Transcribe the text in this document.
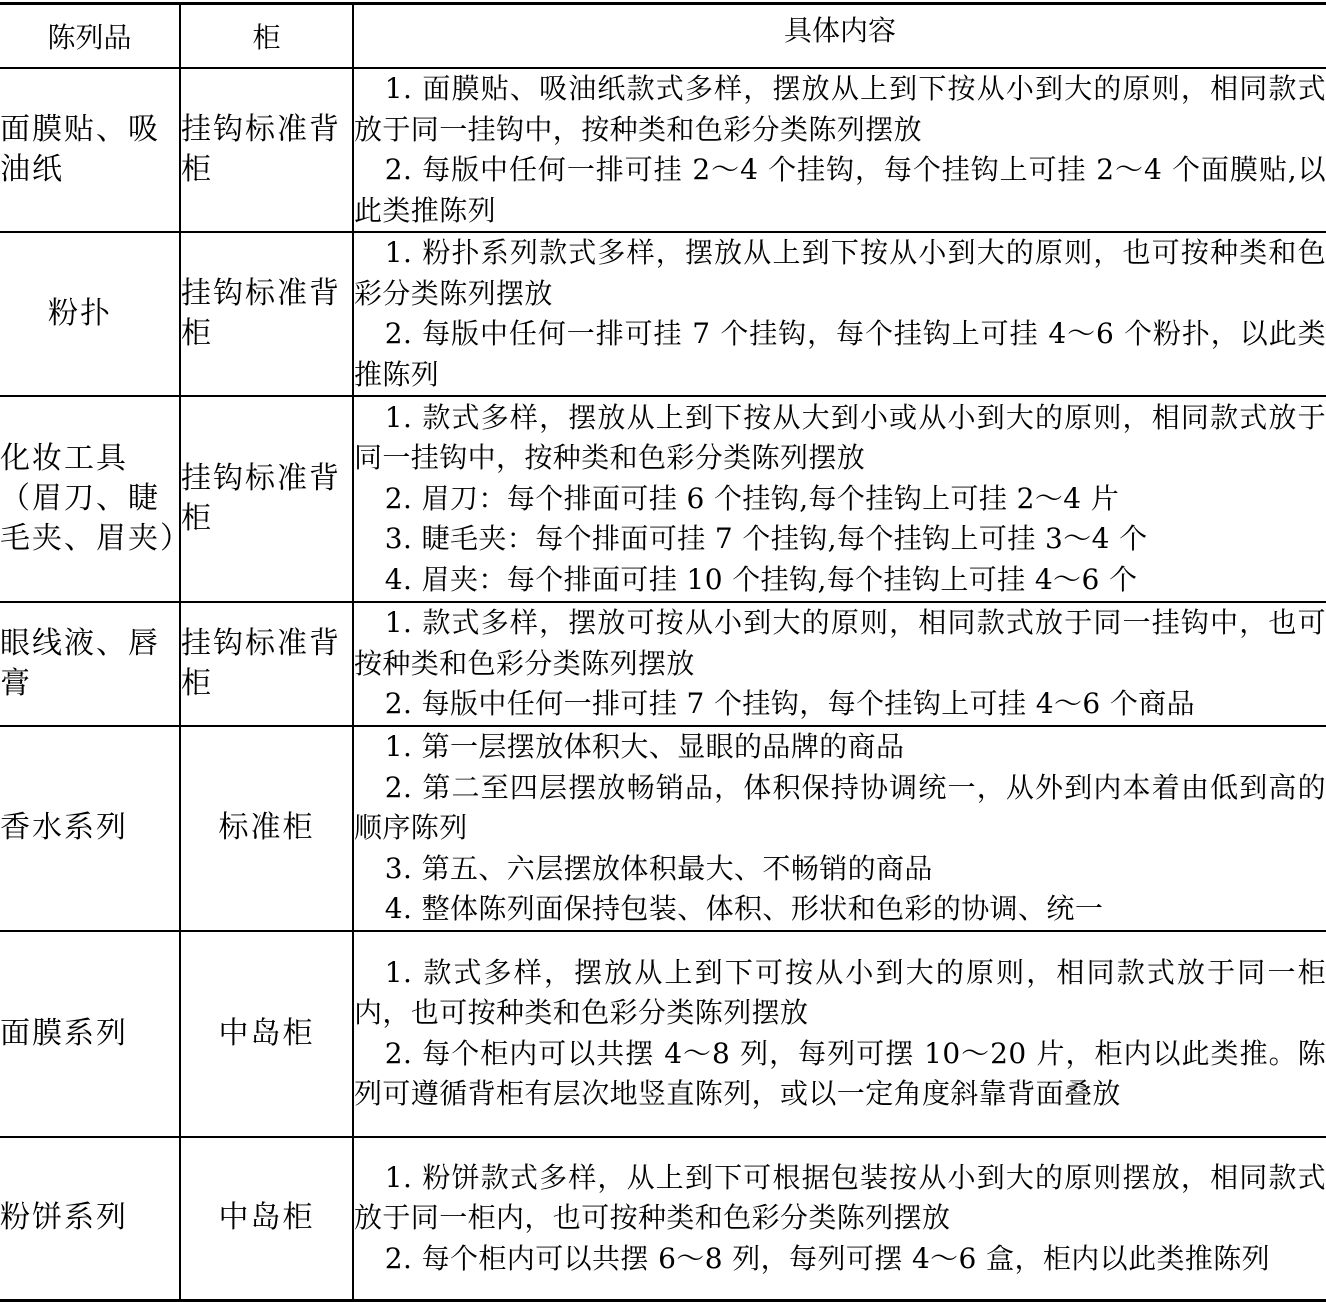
陈列品	柜	具体内容
面膜贴、吸油纸	挂钩标准背柜	1. 面膜贴、吸油纸款式多样，摆放从上到下按从小到大的原则，相同款式放于同一挂钩中，按种类和色彩分类陈列摆放

2. 每版中任何一排可挂 2～4 个挂钩，每个挂钩上可挂 2～4 个面膜贴,以此类推陈列

粉扑	挂钩标准背柜	1. 粉扑系列款式多样，摆放从上到下按从小到大的原则，也可按种类和色彩分类陈列摆放

2. 每版中任何一排可挂 7 个挂钩，每个挂钩上可挂 4～6 个粉扑，以此类推陈列

化妆工具（眉刀、睫毛夹、眉夹）	挂钩标准背柜	1. 款式多样，摆放从上到下按从大到小或从小到大的原则，相同款式放于同一挂钩中，按种类和色彩分类陈列摆放

2. 眉刀：每个排面可挂 6 个挂钩,每个挂钩上可挂 2～4 片

3. 睫毛夹：每个排面可挂 7 个挂钩,每个挂钩上可挂 3～4 个

4. 眉夹：每个排面可挂 10 个挂钩,每个挂钩上可挂 4～6 个

眼线液、唇膏	挂钩标准背柜	1. 款式多样，摆放可按从小到大的原则，相同款式放于同一挂钩中，也可按种类和色彩分类陈列摆放

2. 每版中任何一排可挂 7 个挂钩，每个挂钩上可挂 4～6 个商品

香水系列	标准柜	1. 第一层摆放体积大、显眼的品牌的商品

2. 第二至四层摆放畅销品，体积保持协调统一，从外到内本着由低到高的顺序陈列

3. 第五、六层摆放体积最大、不畅销的商品

4. 整体陈列面保持包装、体积、形状和色彩的协调、统一

面膜系列	中岛柜	1. 款式多样，摆放从上到下可按从小到大的原则，相同款式放于同一柜内，也可按种类和色彩分类陈列摆放

2. 每个柜内可以共摆 4～8 列，每列可摆 10～20 片，柜内以此类推。陈列可遵循背柜有层次地竖直陈列，或以一定角度斜靠背面叠放

粉饼系列	中岛柜	1. 粉饼款式多样，从上到下可根据包装按从小到大的原则摆放，相同款式放于同一柜内，也可按种类和色彩分类陈列摆放

2. 每个柜内可以共摆 6～8 列，每列可摆 4～6 盒，柜内以此类推陈列
